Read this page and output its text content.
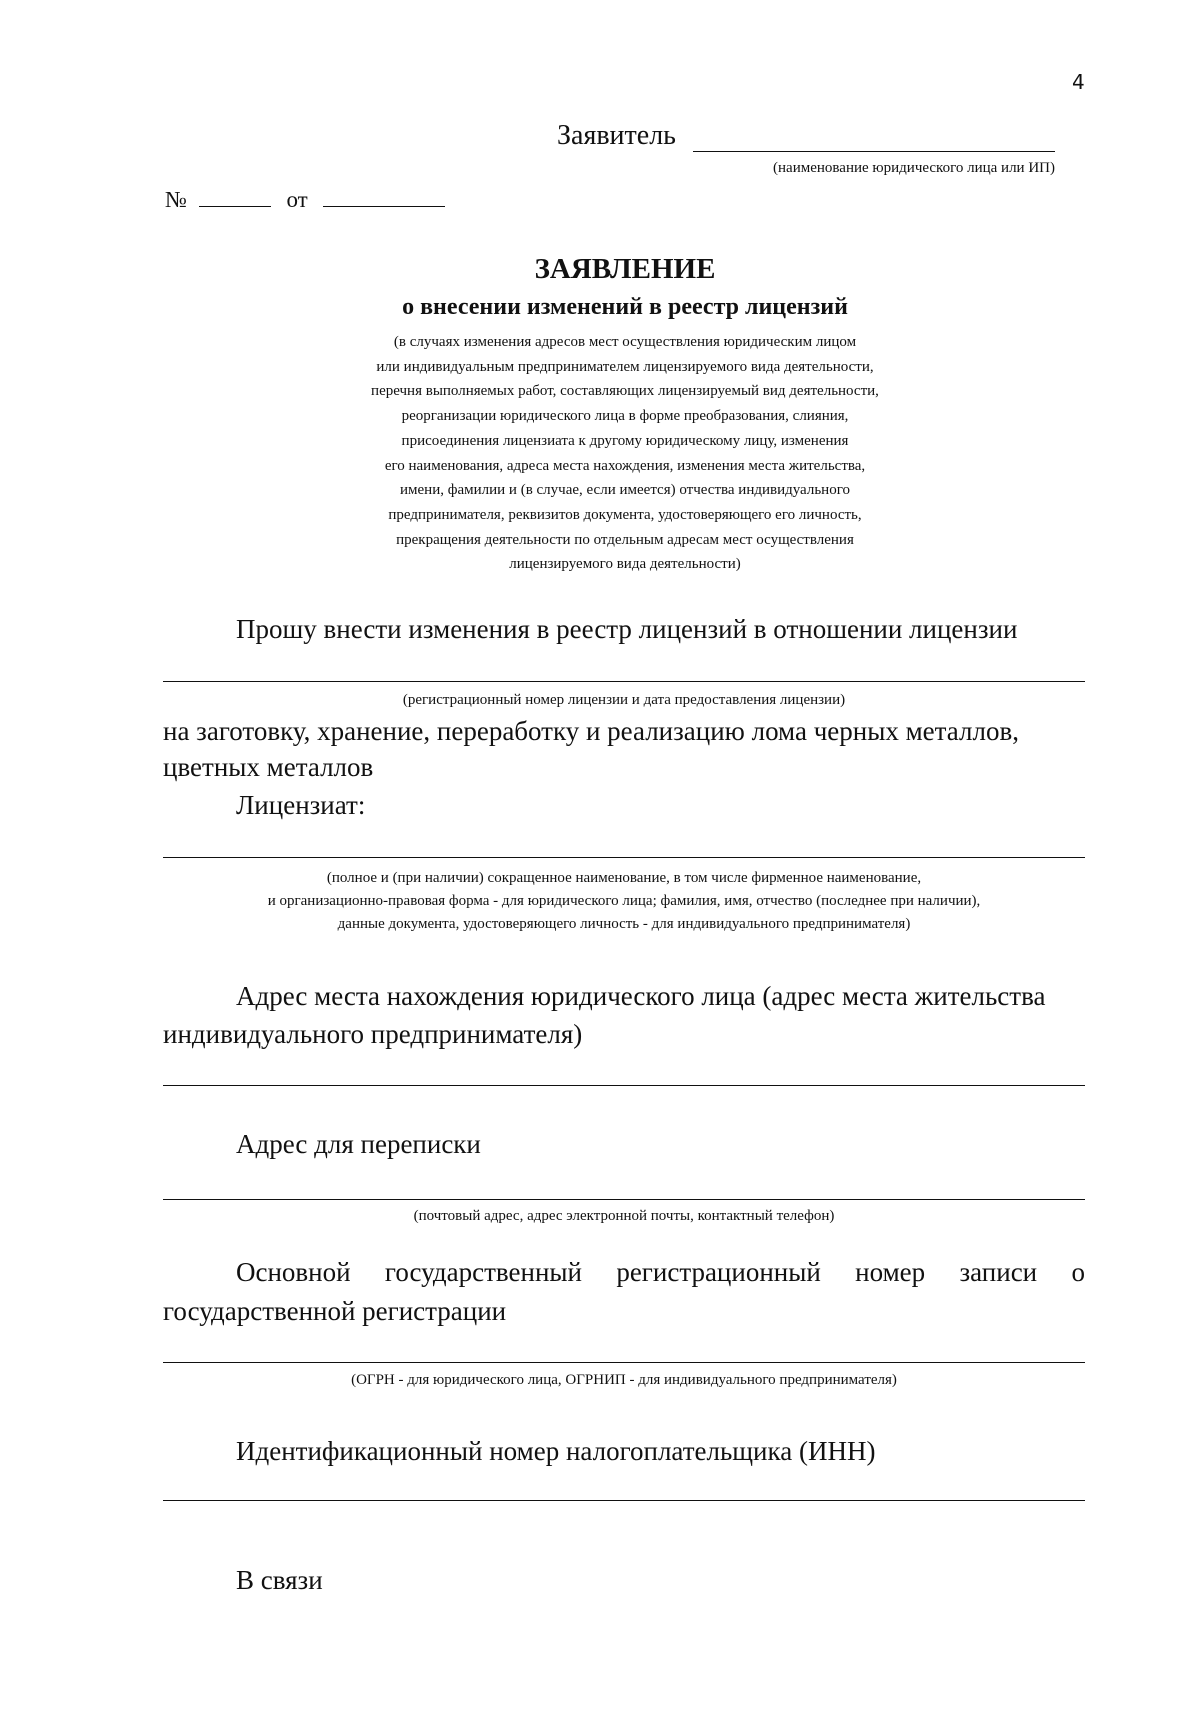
4
Заявитель
(наименование юридического лица или ИП)
№	от
ЗАЯВЛЕНИЕ
о внесении изменений в реестр лицензий
(в случаях изменения адресов мест осуществления юридическим лицом
или индивидуальным предпринимателем лицензируемого вида деятельности,
перечня выполняемых работ, составляющих лицензируемый вид деятельности,
реорганизации юридического лица в форме преобразования, слияния,
присоединения лицензиата к другому юридическому лицу, изменения
его наименования, адреса места нахождения, изменения места жительства,
имени, фамилии и (в случае, если имеется) отчества индивидуального
предпринимателя, реквизитов документа, удостоверяющего его личность,
прекращения деятельности по отдельным адресам мест осуществления
лицензируемого вида деятельности)
Прошу внести изменения в реестр лицензий в отношении лицензии
(регистрационный номер лицензии и дата предоставления лицензии)
на заготовку, хранение, переработку и реализацию лома черных металлов,
цветных металлов
Лицензиат:
(полное и (при наличии) сокращенное наименование, в том числе фирменное наименование,
и организационно-правовая форма - для юридического лица; фамилия, имя, отчество (последнее при наличии),
данные документа, удостоверяющего личность - для индивидуального предпринимателя)
Адрес места нахождения юридического лица (адрес места жительства
индивидуального предпринимателя)
Адрес для переписки
(почтовый адрес, адрес электронной почты, контактный телефон)
Основной государственный регистрационный номер записи о
государственной регистрации
(ОГРН - для юридического лица, ОГРНИП - для индивидуального предпринимателя)
Идентификационный номер налогоплательщика (ИНН)
В связи
